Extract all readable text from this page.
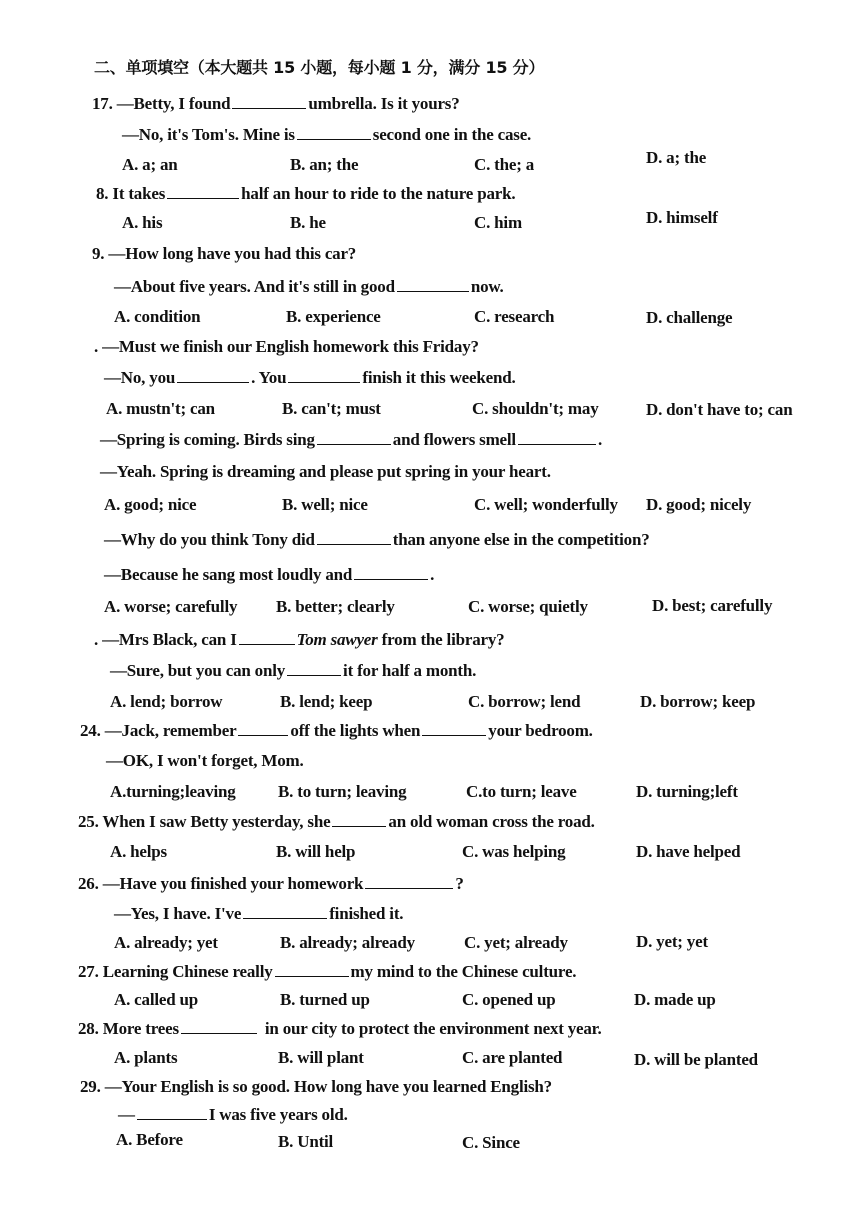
二、单项填空（本大题共 15 小题，每小题 1 分，满分 15 分）
17. —Betty, I found	umbrella. Is it yours?
—No, it's Tom's. Mine is	second one in the case.
A. a; an	B. an; the	C. the; a	D. a; the
8. It takes	half an hour to ride to the nature park.
A. his	B. he	C. him	D. himself
9. —How long have you had this car?
—About five years. And it's still in good	now.
A. condition	B. experience	C. research	D. challenge
. —Must we finish our English homework this Friday?
—No, you	. You	finish it this weekend.
A. mustn't; can	B. can't; must	C. shouldn't; may	D. don't have to; can
—Spring is coming. Birds sing	and flowers smell	.
—Yeah. Spring is dreaming and please put spring in your heart.
A. good; nice	B. well; nice	C. well; wonderfully D. good; nicely
—Why do you think Tony did	than anyone else in the competition?
—Because he sang most loudly and	.
A. worse; carefully B. better; clearly	C. worse; quietly	D. best; carefully
. —Mrs Black, can I	Tom sawyer from the library?
—Sure, but you can only	it for half a month.
A. lend; borrow	B. lend; keep	C. borrow; lend	D. borrow; keep
24. —Jack, remember	off the lights when	your bedroom.
—OK, I won't forget, Mom.
A.turning;leaving B. to turn; leaving	C.to turn; leave	D. turning;left
25. When I saw Betty yesterday, she	an old woman cross the road.
A. helps	B. will help	C. was helping	D. have helped
26. —Have you finished your homework	?
—Yes, I have. I've	finished it.
A. already; yet	B. already; already	C. yet; already	D. yet; yet
27. Learning Chinese really	my mind to the Chinese culture.
A. called up	B. turned up	C. opened up	D. made up
28. More trees	in our city to protect the environment next year.
A. plants	B. will plant	C. are planted	D. will be planted
29. —Your English is so good. How long have you learned English?
—	I was five years old.
A. Before	B. Until	C. Since
